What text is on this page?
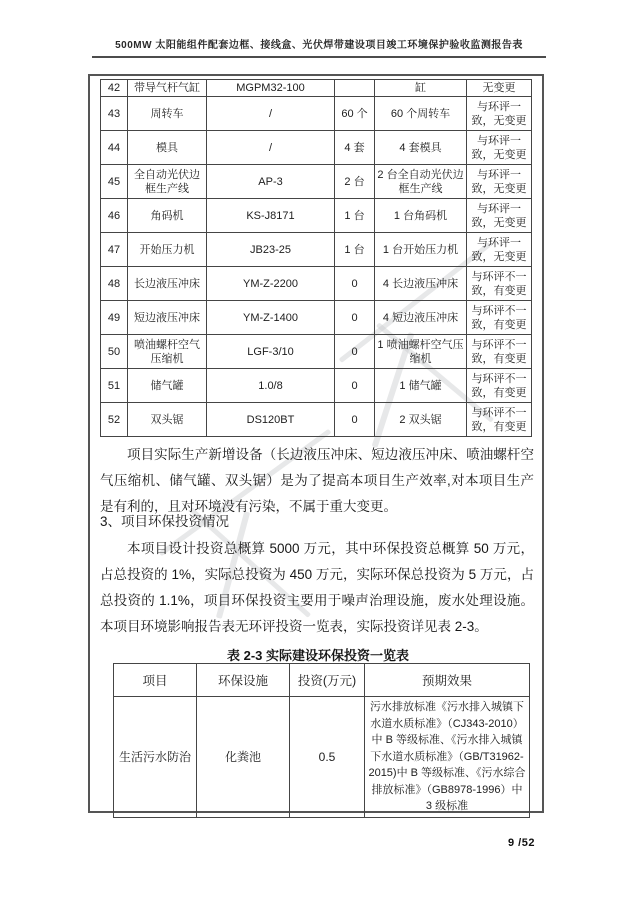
500MW 太阳能组件配套边框、接线盒、光伏焊带建设项目竣工环境保护验收监测报告表
42	带导气杆气缸	MGPM32-100		缸	无变更
43	周转车	/	60 个	60 个周转车	与环评一致，无变更
44	模具	/	4 套	4 套模具	与环评一致，无变更
45	全自动光伏边框生产线	AP-3	2 台	2 台全自动光伏边框生产线	与环评一致，无变更
46	角码机	KS-J8171	1 台	1 台角码机	与环评一致，无变更
47	开始压力机	JB23-25	1 台	1 台开始压力机	与环评一致，无变更
48	长边液压冲床	YM-Z-2200	0	4 长边液压冲床	与环评不一致，有变更
49	短边液压冲床	YM-Z-1400	0	4 短边液压冲床	与环评不一致，有变更
50	喷油螺杆空气压缩机	LGF-3/10	0	1 喷油螺杆空气压缩机	与环评不一致，有变更
51	储气罐	1.0/8	0	1 储气罐	与环评不一致，有变更
52	双头锯	DS120BT	0	2 双头锯	与环评不一致，有变更
项目实际生产新增设备（长边液压冲床、短边液压冲床、喷油螺杆空气压缩机、储气罐、双头锯）是为了提高本项目生产效率,对本项目生产是有利的，且对环境没有污染，不属于重大变更。
3、项目环保投资情况
本项目设计投资总概算 5000 万元，其中环保投资总概算 50 万元，占总投资的 1%，实际总投资为 450 万元，实际环保总投资为 5 万元，占总投资的 1.1%，项目环保投资主要用于噪声治理设施，废水处理设施。本项目环境影响报告表无环评投资一览表，实际投资详见表 2-3。
表 2-3 实际建设环保投资一览表
项目	环保设施	投资(万元)	预期效果
生活污水防治	化粪池	0.5	污水排放标准《污水排入城镇下水道水质标准》（CJ343-2010）中 B 等级标准、《污水排入城镇下水道水质标准》（GB/T31962-2015)中 B 等级标准、《污水综合排放标准》（GB8978-1996）中 3 级标准
9 /52
